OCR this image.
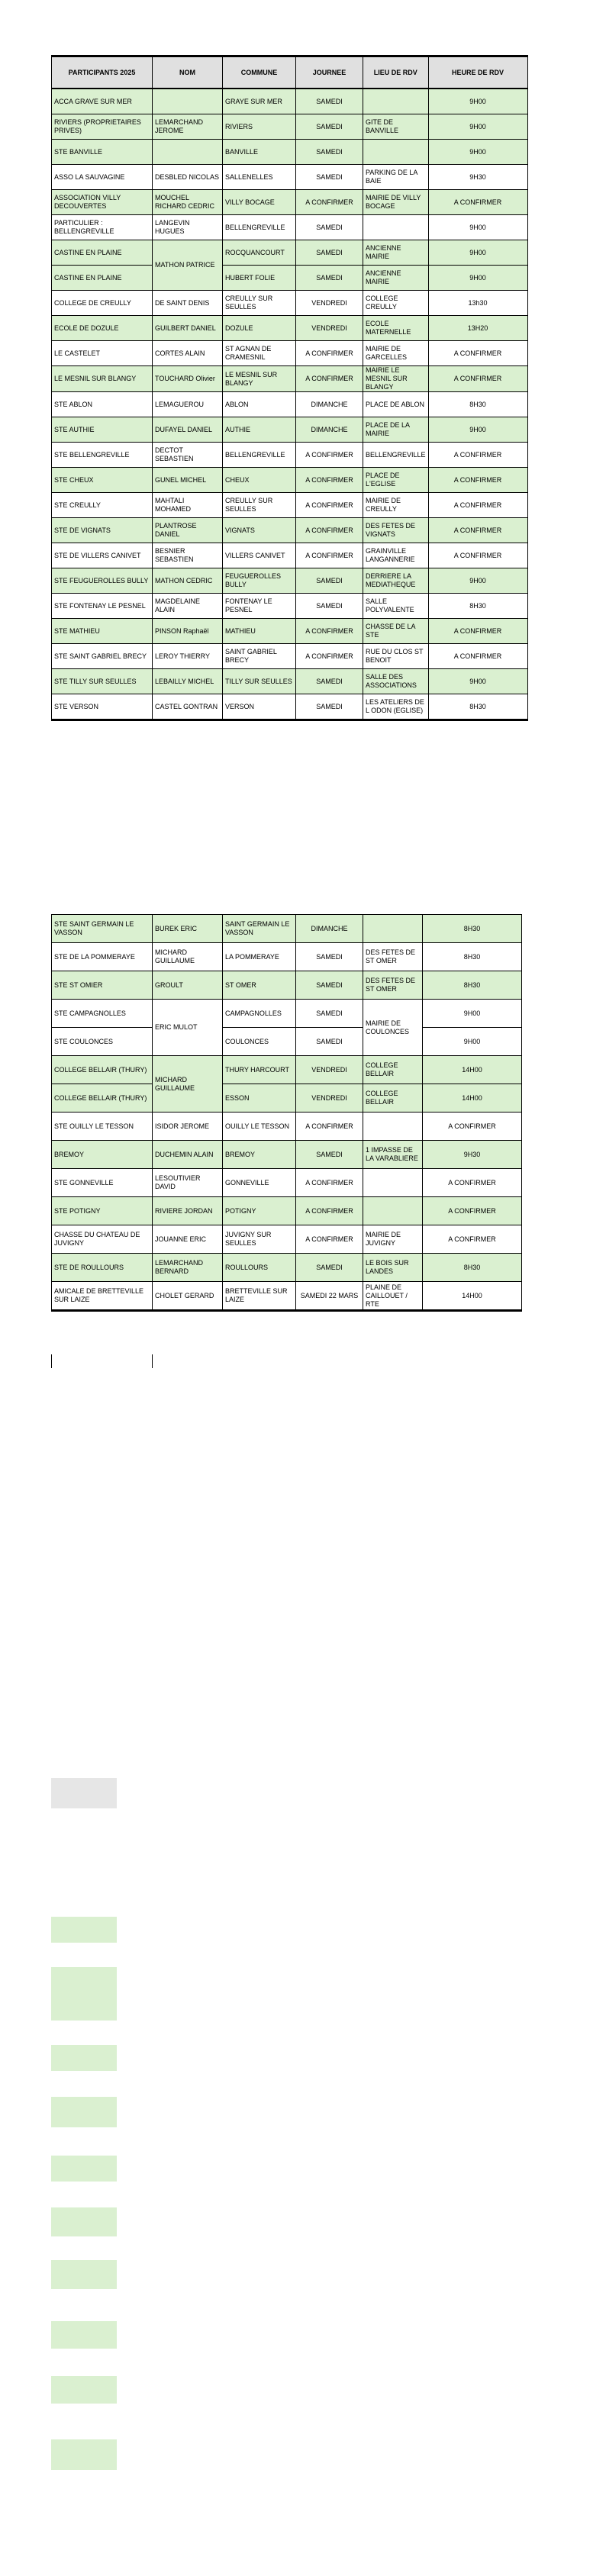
PARTICIPANTS 2025	NOM	COMMUNE	JOURNEE	LIEU DE RDV	HEURE DE RDV
ACCA GRAVE SUR MER		GRAYE SUR MER	SAMEDI		9H00
RIVIERS (PROPRIETAIRES PRIVES)	LEMARCHAND JEROME	RIVIERS	SAMEDI	GITE DE BANVILLE	9H00
STE BANVILLE		BANVILLE	SAMEDI		9H00
ASSO LA SAUVAGINE	DESBLED NICOLAS	SALLENELLES	SAMEDI	PARKING DE LA BAIE	9H30
ASSOCIATION VILLY DECOUVERTES	MOUCHEL RICHARD CEDRIC	VILLY BOCAGE	A CONFIRMER	MAIRIE DE VILLY BOCAGE	A CONFIRMER
PARTICULIER : BELLENGREVILLE	LANGEVIN HUGUES	BELLENGREVILLE	SAMEDI		9H00
CASTINE EN PLAINE	MATHON PATRICE	ROCQUANCOURT	SAMEDI	ANCIENNE MAIRIE	9H00
CASTINE EN PLAINE		HUBERT FOLIE	SAMEDI	ANCIENNE MAIRIE	9H00
COLLEGE DE CREULLY	DE SAINT DENIS	CREULLY SUR SEULLES	VENDREDI	COLLEGE CREULLY	13h30
ECOLE DE DOZULE	GUILBERT DANIEL	DOZULE	VENDREDI	ECOLE MATERNELLE	13H20
LE CASTELET	CORTES ALAIN	ST AGNAN DE CRAMESNIL	A CONFIRMER	MAIRIE DE GARCELLES	A CONFIRMER
LE MESNIL SUR BLANGY	TOUCHARD Olivier	LE MESNIL SUR BLANGY	A CONFIRMER	MAIRIE LE MESNIL SUR BLANGY	A CONFIRMER
STE ABLON	LEMAGUEROU	ABLON	DIMANCHE	PLACE DE ABLON	8H30
STE AUTHIE	DUFAYEL DANIEL	AUTHIE	DIMANCHE	PLACE DE LA MAIRIE	9H00
STE BELLENGREVILLE	DECTOT SEBASTIEN	BELLENGREVILLE	A CONFIRMER	BELLENGREVILLE	A CONFIRMER
STE CHEUX	GUNEL MICHEL	CHEUX	A CONFIRMER	PLACE DE L'EGLISE	A CONFIRMER
STE CREULLY	MAHTALI MOHAMED	CREULLY SUR SEULLES	A CONFIRMER	MAIRIE DE CREULLY	A CONFIRMER
STE DE VIGNATS	PLANTROSE DANIEL	VIGNATS	A CONFIRMER	DES FETES DE VIGNATS	A CONFIRMER
STE DE VILLERS CANIVET	BESNIER SEBASTIEN	VILLERS CANIVET	A CONFIRMER	GRAINVILLE LANGANNERIE	A CONFIRMER
STE FEUGUEROLLES BULLY	MATHON CEDRIC	FEUGUEROLLES BULLY	SAMEDI	DERRIERE LA MEDIATHEQUE	9H00
STE FONTENAY LE PESNEL	MAGDELAINE ALAIN	FONTENAY LE PESNEL	SAMEDI	SALLE POLYVALENTE	8H30
STE MATHIEU	PINSON Raphaël	MATHIEU	A CONFIRMER	CHASSE DE LA STE	A CONFIRMER
STE SAINT GABRIEL BRECY	LEROY THIERRY	SAINT GABRIEL BRECY	A CONFIRMER	RUE DU CLOS ST BENOIT	A CONFIRMER
STE TILLY SUR SEULLES	LEBAILLY MICHEL	TILLY SUR SEULLES	SAMEDI	SALLE DES ASSOCIATIONS	9H00
STE VERSON	CASTEL GONTRAN	VERSON	SAMEDI	LES ATELIERS DE L ODON (EGLISE)	8H30
STE SAINT GERMAIN LE VASSON	BUREK ERIC	SAINT GERMAIN LE VASSON	DIMANCHE		8H30
STE DE LA POMMERAYE	MICHARD GUILLAUME	LA POMMERAYE	SAMEDI	DES FETES DE ST OMER	8H30
STE ST OMIER	GROULT	ST OMER	SAMEDI	DES FETES DE ST OMER	8H30
STE CAMPAGNOLLES	ERIC MULOT	CAMPAGNOLLES	SAMEDI	MAIRIE DE COULONCES	9H00
STE COULONCES		COULONCES	SAMEDI		9H00
COLLEGE BELLAIR (THURY)	MICHARD GUILLAUME	THURY HARCOURT	VENDREDI	COLLEGE BELLAIR	14H00
COLLEGE BELLAIR (THURY)		ESSON	VENDREDI	COLLEGE BELLAIR	14H00
STE OUILLY LE TESSON	ISIDOR JEROME	OUILLY LE TESSON	A CONFIRMER		A CONFIRMER
BREMOY	DUCHEMIN ALAIN	BREMOY	SAMEDI	1 IMPASSE DE LA VARABLIERE	9H30
STE GONNEVILLE	LESOUTIVIER DAVID	GONNEVILLE	A CONFIRMER		A CONFIRMER
STE POTIGNY	RIVIERE JORDAN	POTIGNY	A CONFIRMER		A CONFIRMER
CHASSE DU CHATEAU DE JUVIGNY	JOUANNE ERIC	JUVIGNY SUR SEULLES	A CONFIRMER	MAIRIE DE JUVIGNY	A CONFIRMER
STE DE ROULLOURS	LEMARCHAND BERNARD	ROULLOURS	SAMEDI	LE BOIS SUR LANDES	8H30
AMICALE DE BRETTEVILLE SUR LAIZE	CHOLET GERARD	BRETTEVILLE SUR LAIZE	SAMEDI 22 MARS	PLAINE DE CAILLOUET / RTE	14H00
